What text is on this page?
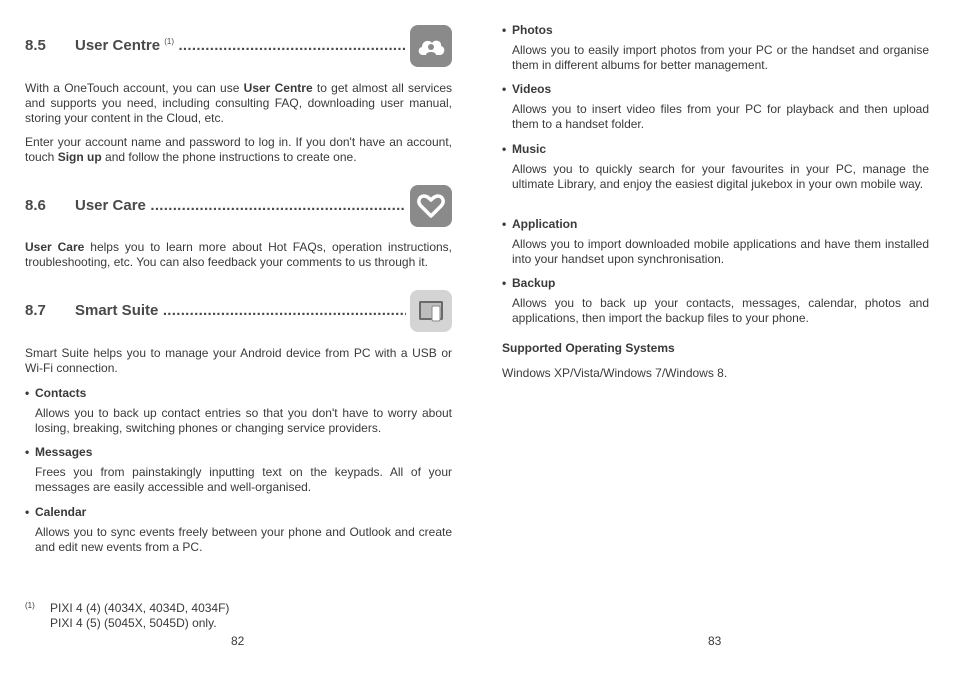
8.5 User Centre $^{(1)}$ .....

With a OneTouch account, you can use User Centre to get almost all services and supports you need, including consulting FAQ, downloading user manual, storing your content in the Cloud, etc.

Enter your account name and password to log in. If you don't have an account, touch Sign up and follow the phone instructions to create one.

8.6 User Care .....

User Care helps you to learn more about Hot FAQs, operation instructions, troubleshooting, etc. You can also feedback your comments to us through it.

8.7 Smart Suite .....

Smart Suite helps you to manage your Android device from PC with a USB or Wi-Fi connection.

• Contacts

Allows you to back up contact entries so that you don't have to worry about losing, breaking, switching phones or changing service providers.

• Messages

Frees you from painstakingly inputting text on the keypads. All of your messages are easily accessible and well-organised.

• Calendar

Allows you to sync events freely between your phone and Outlook and create and edit new events from a PC.

(1) PIXI 4 (4) (4034X, 4034D, 4034F)
PIXI 4 (5) (5045X, 5045D) only.
82
• Photos

Allows you to easily import photos from your PC or the handset and organise them in different albums for better management.

• Videos

Allows you to insert video files from your PC for playback and then upload them to a handset folder.

• Music

Allows you to quickly search for your favourites in your PC, manage the ultimate Library, and enjoy the easiest digital jukebox in your own mobile way.

• Application

Allows you to import downloaded mobile applications and have them installed into your handset upon synchronisation.

• Backup

Allows you to back up your contacts, messages, calendar, photos and applications, then import the backup files to your phone.

Supported Operating Systems

Windows XP/Vista/Windows 7/Windows 8.

83
